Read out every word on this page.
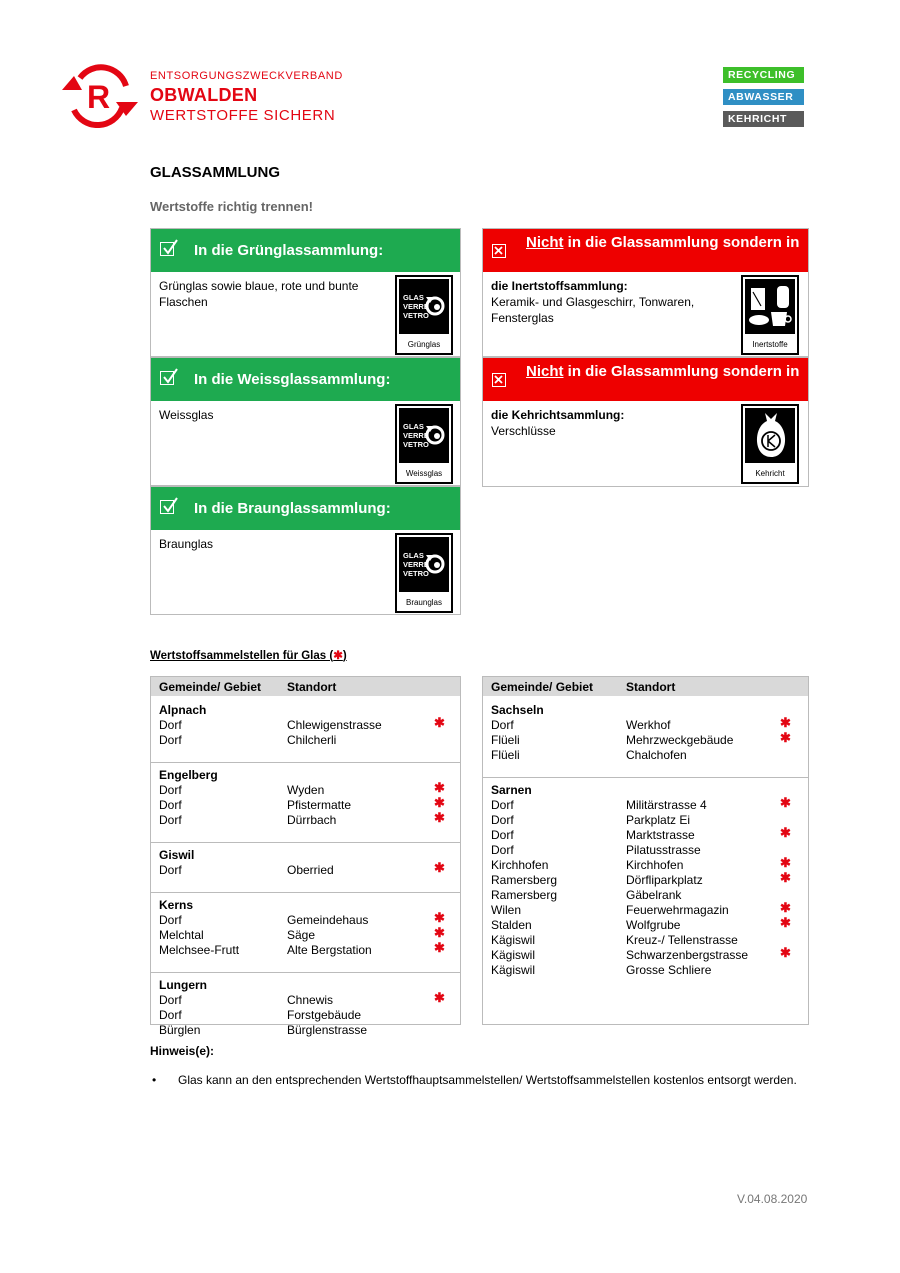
R
ENTSORGUNGSZWECKVERBAND
OBWALDEN
WERTSTOFFE SICHERN
RECYCLING
ABWASSER
KEHRICHT
GLASSAMMLUNG
Wertstoffe richtig trennen!
In die Grünglassammlung:
Grünglas sowie blaue, rote und bunte Flaschen	GLAS
VERRE
VETRO
Grünglas
In die Weissglassammlung:
Weissglas
GLAS
VERRE
VETRO
Weissglas
In die Braunglassammlung:
Braunglas
GLAS
VERRE
VETRO
Braunglas
Nicht in die Glassammlung sondern in
die Inertstoffsammlung:
Keramik- und Glasgeschirr, Tonwaren, Fensterglas
Inertstoffe
Nicht in die Glassammlung sondern in
die Kehrichtsammlung:
Verschlüsse
Kehricht
Wertstoffsammelstellen für Glas (✱)
Gemeinde/ Gebiet Standort
Alpnach
Dorf	Chlewigenstrasse	✱
Dorf	Chilcherli
Engelberg
Dorf	Wyden	✱
Dorf	Pfistermatte	✱
Dorf	Dürrbach	✱
Giswil
Dorf	Oberried	✱
Kerns
Dorf	Gemeindehaus	✱
Melchtal	Säge	✱
Melchsee-Frutt	Alte Bergstation	✱
Lungern
Dorf	Chnewis	✱
Dorf	Forstgebäude
Bürglen	Bürglenstrasse
Gemeinde/ Gebiet	Standort
Sachseln
Dorf	Werkhof	✱
Flüeli	Mehrzweckgebäude	✱
Flüeli	Chalchofen
Sarnen
Dorf	Militärstrasse 4	✱
Dorf	Parkplatz Ei
Dorf	Marktstrasse	✱
Dorf	Pilatusstrasse
Kirchhofen	Kirchhofen	✱
Ramersberg	Dörfliparkplatz	✱
Ramersberg	Gäbelrank
Wilen	Feuerwehrmagazin	✱
Stalden	Wolfgrube	✱
Kägiswil	Kreuz-/ Tellenstrasse
Kägiswil	Schwarzenbergstrasse ✱
Kägiswil	Grosse Schliere
Hinweis(e):
• Glas kann an den entsprechenden Wertstoffhauptsammelstellen/ Wertstoffsammelstellen kostenlos entsorgt werden.
V.04.08.2020
